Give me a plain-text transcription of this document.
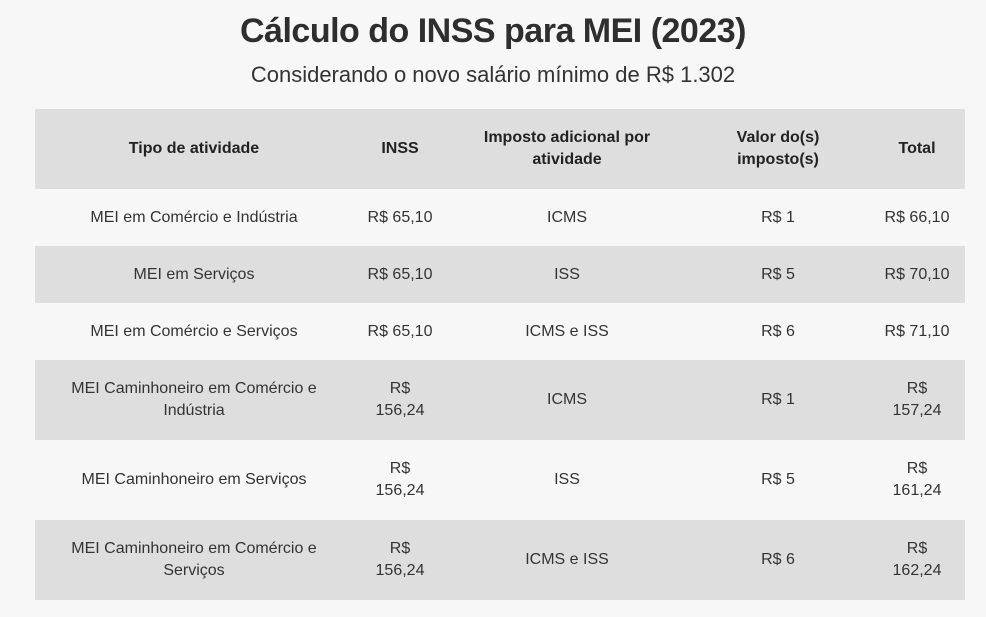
Cálculo do INSS para MEI (2023)
Considerando o novo salário mínimo de R$ 1.302
Tipo de atividade	INSS	Imposto adicional por atividade	Valor do(s) imposto(s)	Total
MEI em Comércio e Indústria	R$ 65,10	ICMS	R$ 1	R$ 66,10
MEI em Serviços	R$ 65,10	ISS	R$ 5	R$ 70,10
MEI em Comércio e Serviços	R$ 65,10	ICMS e ISS	R$ 6	R$ 71,10
MEI Caminhoneiro em Comércio e Indústria	R$ 156,24	ICMS	R$ 1	R$ 157,24
MEI Caminhoneiro em Serviços	R$ 156,24	ISS	R$ 5	R$ 161,24
MEI Caminhoneiro em Comércio e Serviços	R$ 156,24	ICMS e ISS	R$ 6	R$ 162,24
